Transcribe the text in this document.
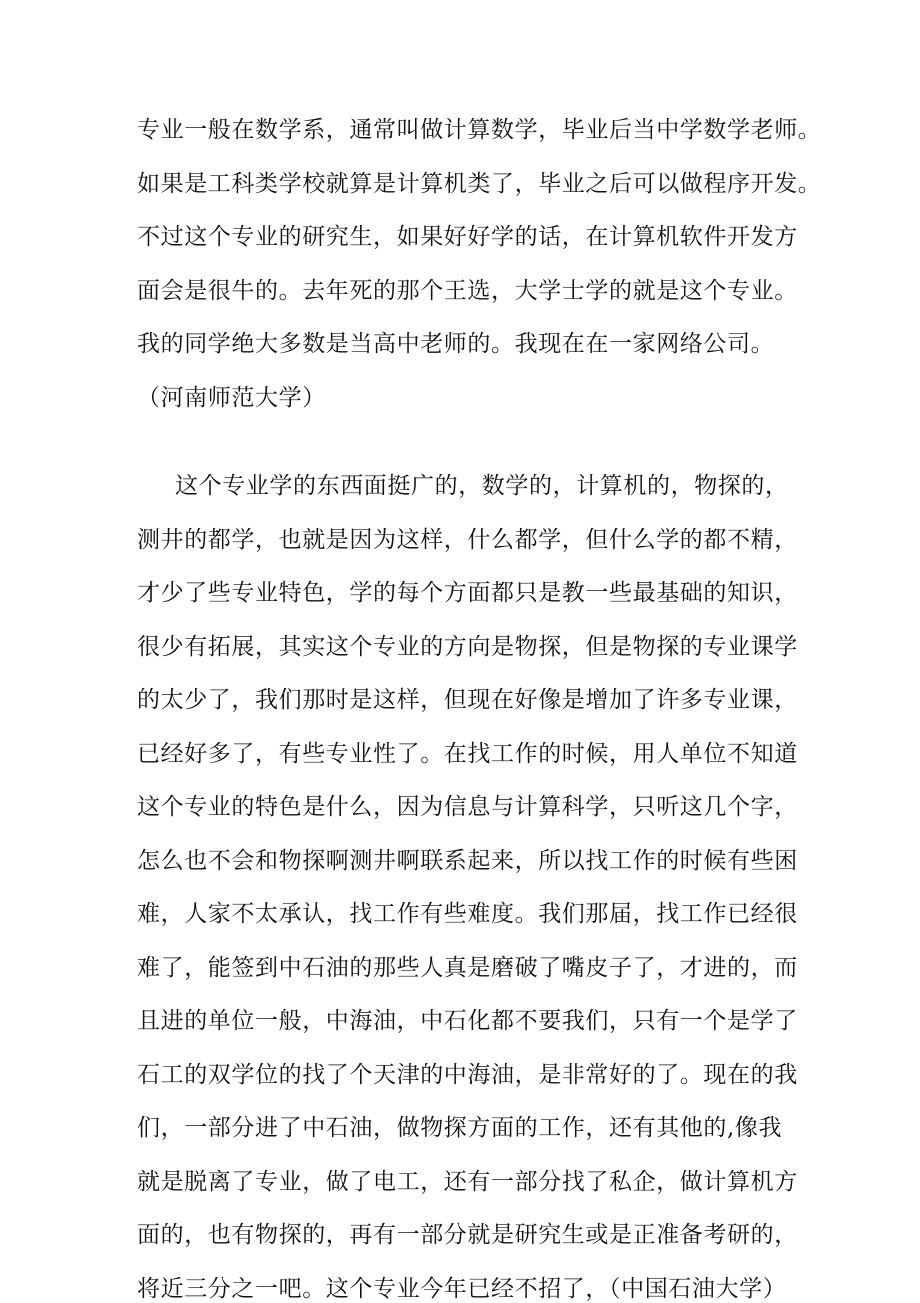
专业一般在数学系，通常叫做计算数学，毕业后当中学数学老师。
如果是工科类学校就算是计算机类了，毕业之后可以做程序开发。
不过这个专业的研究生，如果好好学的话，在计算机软件开发方
面会是很牛的。去年死的那个王选，大学士学的就是这个专业。
我的同学绝大多数是当高中老师的。我现在在一家网络公司。
（河南师范大学）
这个专业学的东西面挺广的，数学的，计算机的，物探的，
测井的都学，也就是因为这样，什么都学，但什么学的都不精，
才少了些专业特色，学的每个方面都只是教一些最基础的知识，
很少有拓展，其实这个专业的方向是物探，但是物探的专业课学
的太少了，我们那时是这样，但现在好像是增加了许多专业课，
已经好多了，有些专业性了。在找工作的时候，用人单位不知道
这个专业的特色是什么，因为信息与计算科学，只听这几个字，
怎么也不会和物探啊测井啊联系起来，所以找工作的时候有些困
难，人家不太承认，找工作有些难度。我们那届，找工作已经很
难了，能签到中石油的那些人真是磨破了嘴皮子了，才进的，而
且进的单位一般，中海油，中石化都不要我们，只有一个是学了
石工的双学位的找了个天津的中海油，是非常好的了。现在的我
们，一部分进了中石油，做物探方面的工作，还有其他的,像我
就是脱离了专业，做了电工，还有一部分找了私企，做计算机方
面的，也有物探的，再有一部分就是研究生或是正准备考研的，
将近三分之一吧。这个专业今年已经不招了，（中国石油大学）
